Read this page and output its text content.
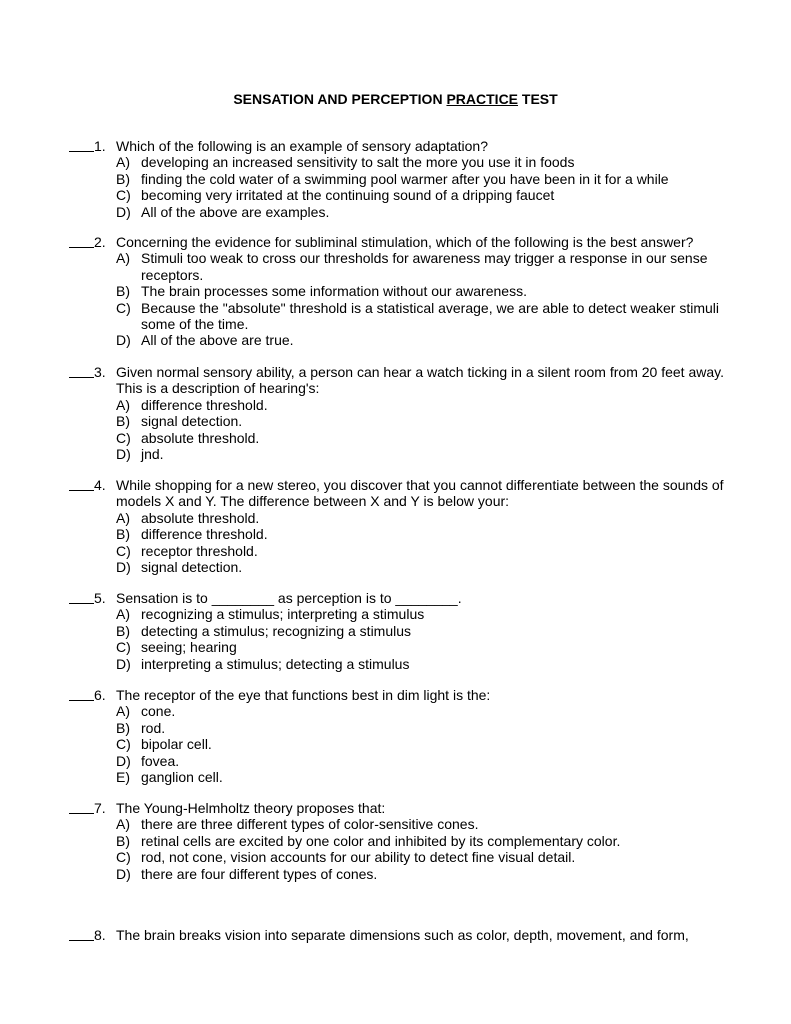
SENSATION AND PERCEPTION PRACTICE TEST
1. Which of the following is an example of sensory adaptation?
A) developing an increased sensitivity to salt the more you use it in foods
B) finding the cold water of a swimming pool warmer after you have been in it for a while
C) becoming very irritated at the continuing sound of a dripping faucet
D) All of the above are examples.
2. Concerning the evidence for subliminal stimulation, which of the following is the best answer?
A) Stimuli too weak to cross our thresholds for awareness may trigger a response in our sense receptors.
B) The brain processes some information without our awareness.
C) Because the "absolute" threshold is a statistical average, we are able to detect weaker stimuli some of the time.
D) All of the above are true.
3. Given normal sensory ability, a person can hear a watch ticking in a silent room from 20 feet away. This is a description of hearing's:
A) difference threshold.
B) signal detection.
C) absolute threshold.
D) jnd.
4. While shopping for a new stereo, you discover that you cannot differentiate between the sounds of models X and Y. The difference between X and Y is below your:
A) absolute threshold.
B) difference threshold.
C) receptor threshold.
D) signal detection.
5. Sensation is to ________ as perception is to ________.
A) recognizing a stimulus; interpreting a stimulus
B) detecting a stimulus; recognizing a stimulus
C) seeing; hearing
D) interpreting a stimulus; detecting a stimulus
6. The receptor of the eye that functions best in dim light is the:
A) cone.
B) rod.
C) bipolar cell.
D) fovea.
E) ganglion cell.
7. The Young-Helmholtz theory proposes that:
A) there are three different types of color-sensitive cones.
B) retinal cells are excited by one color and inhibited by its complementary color.
C) rod, not cone, vision accounts for our ability to detect fine visual detail.
D) there are four different types of cones.
8. The brain breaks vision into separate dimensions such as color, depth, movement, and form,
